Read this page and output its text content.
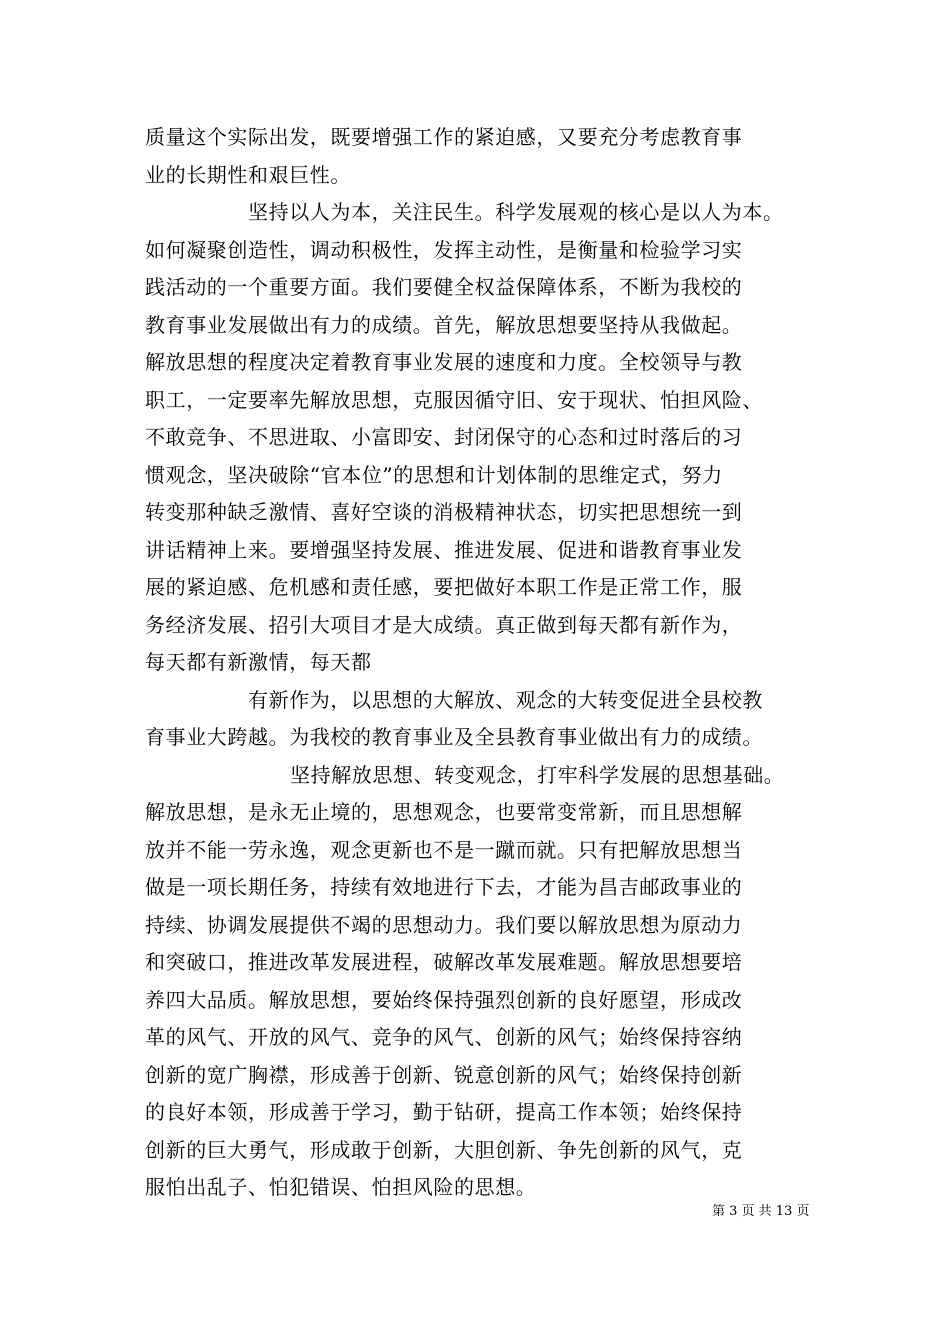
质量这个实际出发，既要增强工作的紧迫感，又要充分考虑教育事
业的长期性和艰巨性。
坚持以人为本，关注民生。科学发展观的核心是以人为本。
如何凝聚创造性，调动积极性，发挥主动性，是衡量和检验学习实
践活动的一个重要方面。我们要健全权益保障体系，不断为我校的
教育事业发展做出有力的成绩。首先，解放思想要坚持从我做起。
解放思想的程度决定着教育事业发展的速度和力度。全校领导与教
职工，一定要率先解放思想，克服因循守旧、安于现状、怕担风险、
不敢竞争、不思进取、小富即安、封闭保守的心态和过时落后的习
惯观念，坚决破除“官本位”的思想和计划体制的思维定式，努力
转变那种缺乏激情、喜好空谈的消极精神状态，切实把思想统一到
讲话精神上来。要增强坚持发展、推进发展、促进和谐教育事业发
展的紧迫感、危机感和责任感，要把做好本职工作是正常工作，服
务经济发展、招引大项目才是大成绩。真正做到每天都有新作为，
每天都有新激情，每天都
有新作为，以思想的大解放、观念的大转变促进全县校教
育事业大跨越。为我校的教育事业及全县教育事业做出有力的成绩。
坚持解放思想、转变观念，打牢科学发展的思想基础。
解放思想，是永无止境的，思想观念，也要常变常新，而且思想解
放并不能一劳永逸，观念更新也不是一蹴而就。只有把解放思想当
做是一项长期任务，持续有效地进行下去，才能为昌吉邮政事业的
持续、协调发展提供不竭的思想动力。我们要以解放思想为原动力
和突破口，推进改革发展进程，破解改革发展难题。解放思想要培
养四大品质。解放思想，要始终保持强烈创新的良好愿望，形成改
革的风气、开放的风气、竞争的风气、创新的风气；始终保持容纳
创新的宽广胸襟，形成善于创新、锐意创新的风气；始终保持创新
的良好本领，形成善于学习，勤于钻研，提高工作本领；始终保持
创新的巨大勇气，形成敢于创新，大胆创新、争先创新的风气，克
服怕出乱子、怕犯错误、怕担风险的思想。
第 3 页 共 13 页
